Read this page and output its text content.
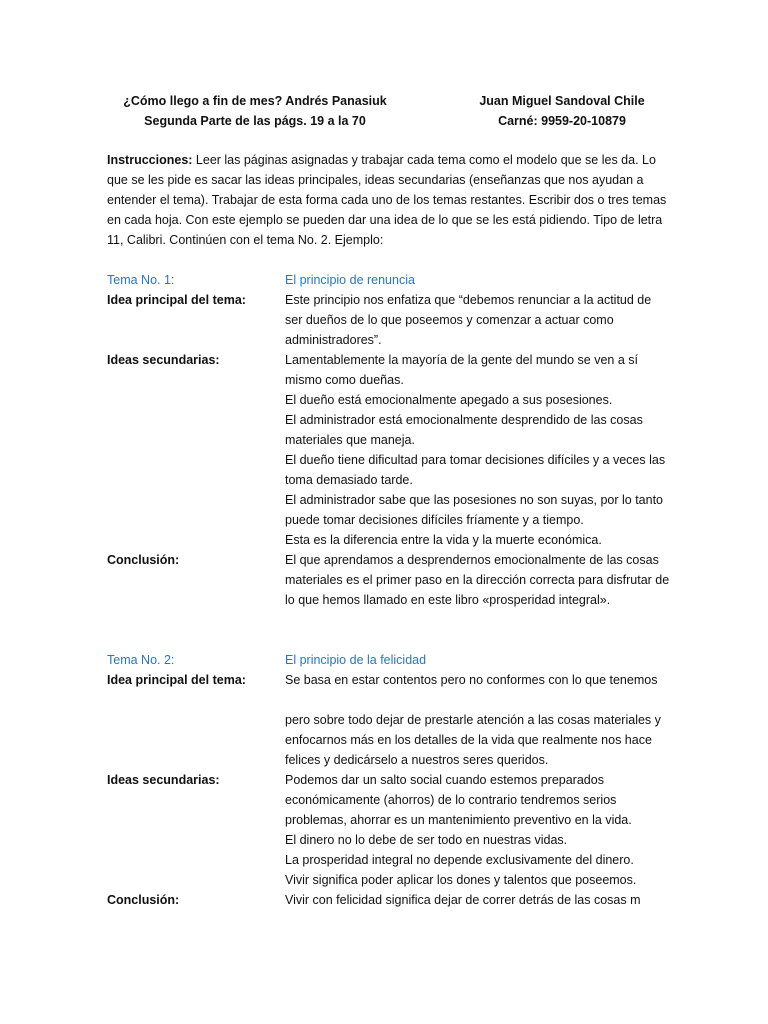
¿Cómo llego a fin de mes? Andrés Panasiuk
Segunda Parte de las págs. 19 a la 70
Juan Miguel Sandoval Chile
Carné: 9959-20-10879
Instrucciones: Leer las páginas asignadas y trabajar cada tema como el modelo que se les da. Lo que se les pide es sacar las ideas principales, ideas secundarias (enseñanzas que nos ayudan a entender el tema). Trabajar de esta forma cada uno de los temas restantes. Escribir dos o tres temas en cada hoja. Con este ejemplo se pueden dar una idea de lo que se les está pidiendo. Tipo de letra 11, Calibri. Continúen con el tema No. 2. Ejemplo:
Tema No. 1:	El principio de renuncia
Idea principal del tema:	Este principio nos enfatiza que “debemos renunciar a la actitud de ser dueños de lo que poseemos y comenzar a actuar como administradores”.
Ideas secundarias:	Lamentablemente la mayoría de la gente del mundo se ven a sí mismo como dueñas.

El dueño está emocionalmente apegado a sus posesiones.

El administrador está emocionalmente desprendido de las cosas materiales que maneja.

El dueño tiene dificultad para tomar decisiones difíciles y a veces las toma demasiado tarde.

El administrador sabe que las posesiones no son suyas, por lo tanto puede tomar decisiones difíciles fríamente y a tiempo.

Esta es la diferencia entre la vida y la muerte económica.

Conclusión:	El que aprendamos a desprendernos emocionalmente de las cosas materiales es el primer paso en la dirección correcta para disfrutar de lo que hemos llamado en este libro «prosperidad integral».
Tema No. 2:	El principio de la felicidad
Idea principal del tema:	Se basa en estar contentos pero no conformes con lo que tenemos

pero sobre todo dejar de prestarle atención a las cosas materiales y enfocarnos más en los detalles de la vida que realmente nos hace felices y dedicárselo a nuestros seres queridos.

Ideas secundarias:	Podemos dar un salto social cuando estemos preparados económicamente (ahorros) de lo contrario tendremos serios problemas, ahorrar es un mantenimiento preventivo en la vida.

El dinero no lo debe de ser todo en nuestras vidas.

La prosperidad integral no depende exclusivamente del dinero.

Vivir significa poder aplicar los dones y talentos que poseemos.

Conclusión:	Vivir con felicidad significa dejar de correr detrás de las cosas m
